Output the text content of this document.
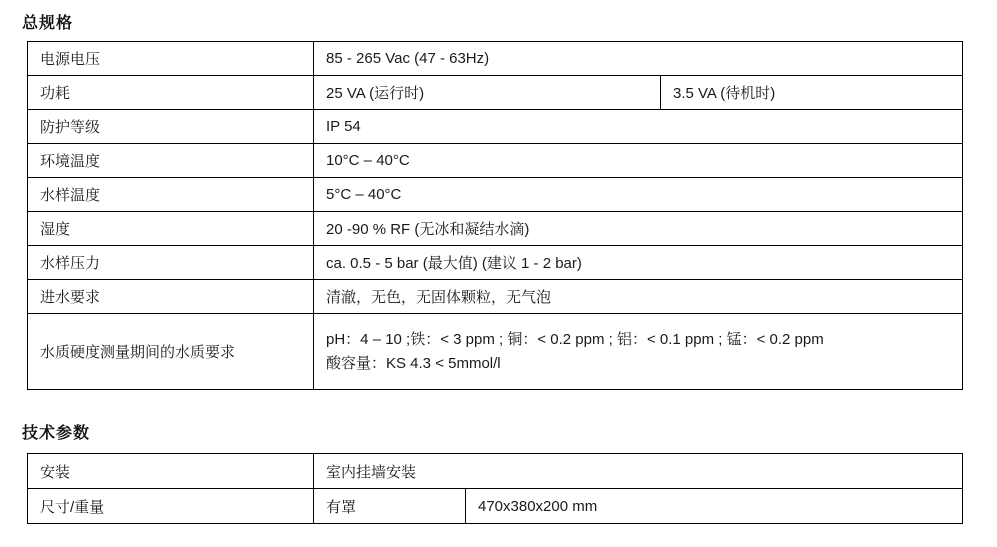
总规格
电源电压	85 - 265 Vac (47 - 63Hz)	
功耗	25 VA (运行时)	3.5 VA (待机时)
防护等级	IP 54	
环境温度	10°C – 40°C	
水样温度	5°C – 40°C	
湿度	20 -90 % RF (无冰和凝结水滴)	
水样压力	ca. 0.5 - 5 bar (最大值) (建议 1 - 2 bar)	
进水要求	清澈，无色，无固体颗粒，无气泡	
水质硬度测量期间的水质要求	pH：4 – 10 ;铁：< 3 ppm ; 铜：< 0.2 ppm ; 铝：< 0.1 ppm ; 锰：< 0.2 ppm
酸容量：KS 4.3 < 5mmol/l	
技术参数
安装	室内挂墙安装	
尺寸/重量	有罩	470x380x200 mm
